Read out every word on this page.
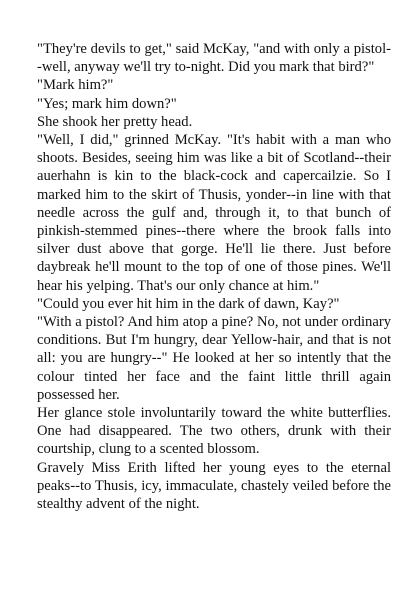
"They're devils to get," said McKay, "and with only a pistol--well, anyway we'll try to-night. Did you mark that bird?"

"Mark him?"

"Yes; mark him down?"

She shook her pretty head.

"Well, I did," grinned McKay. "It's habit with a man who shoots. Besides, seeing him was like a bit of Scotland--their auerhahn is kin to the black-cock and capercailzie. So I marked him to the skirt of Thusis, yonder--in line with that needle across the gulf and, through it, to that bunch of pinkish-stemmed pines--there where the brook falls into silver dust above that gorge. He'll lie there. Just before daybreak he'll mount to the top of one of those pines. We'll hear his yelping. That's our only chance at him."

"Could you ever hit him in the dark of dawn, Kay?"

"With a pistol? And him atop a pine? No, not under ordinary conditions. But I'm hungry, dear Yellow-hair, and that is not all: you are hungry--" He looked at her so intently that the colour tinted her face and the faint little thrill again possessed her.

Her glance stole involuntarily toward the white butterflies. One had disappeared. The two others, drunk with their courtship, clung to a scented blossom.

Gravely Miss Erith lifted her young eyes to the eternal peaks--to Thusis, icy, immaculate, chastely veiled before the stealthy advent of the night.
